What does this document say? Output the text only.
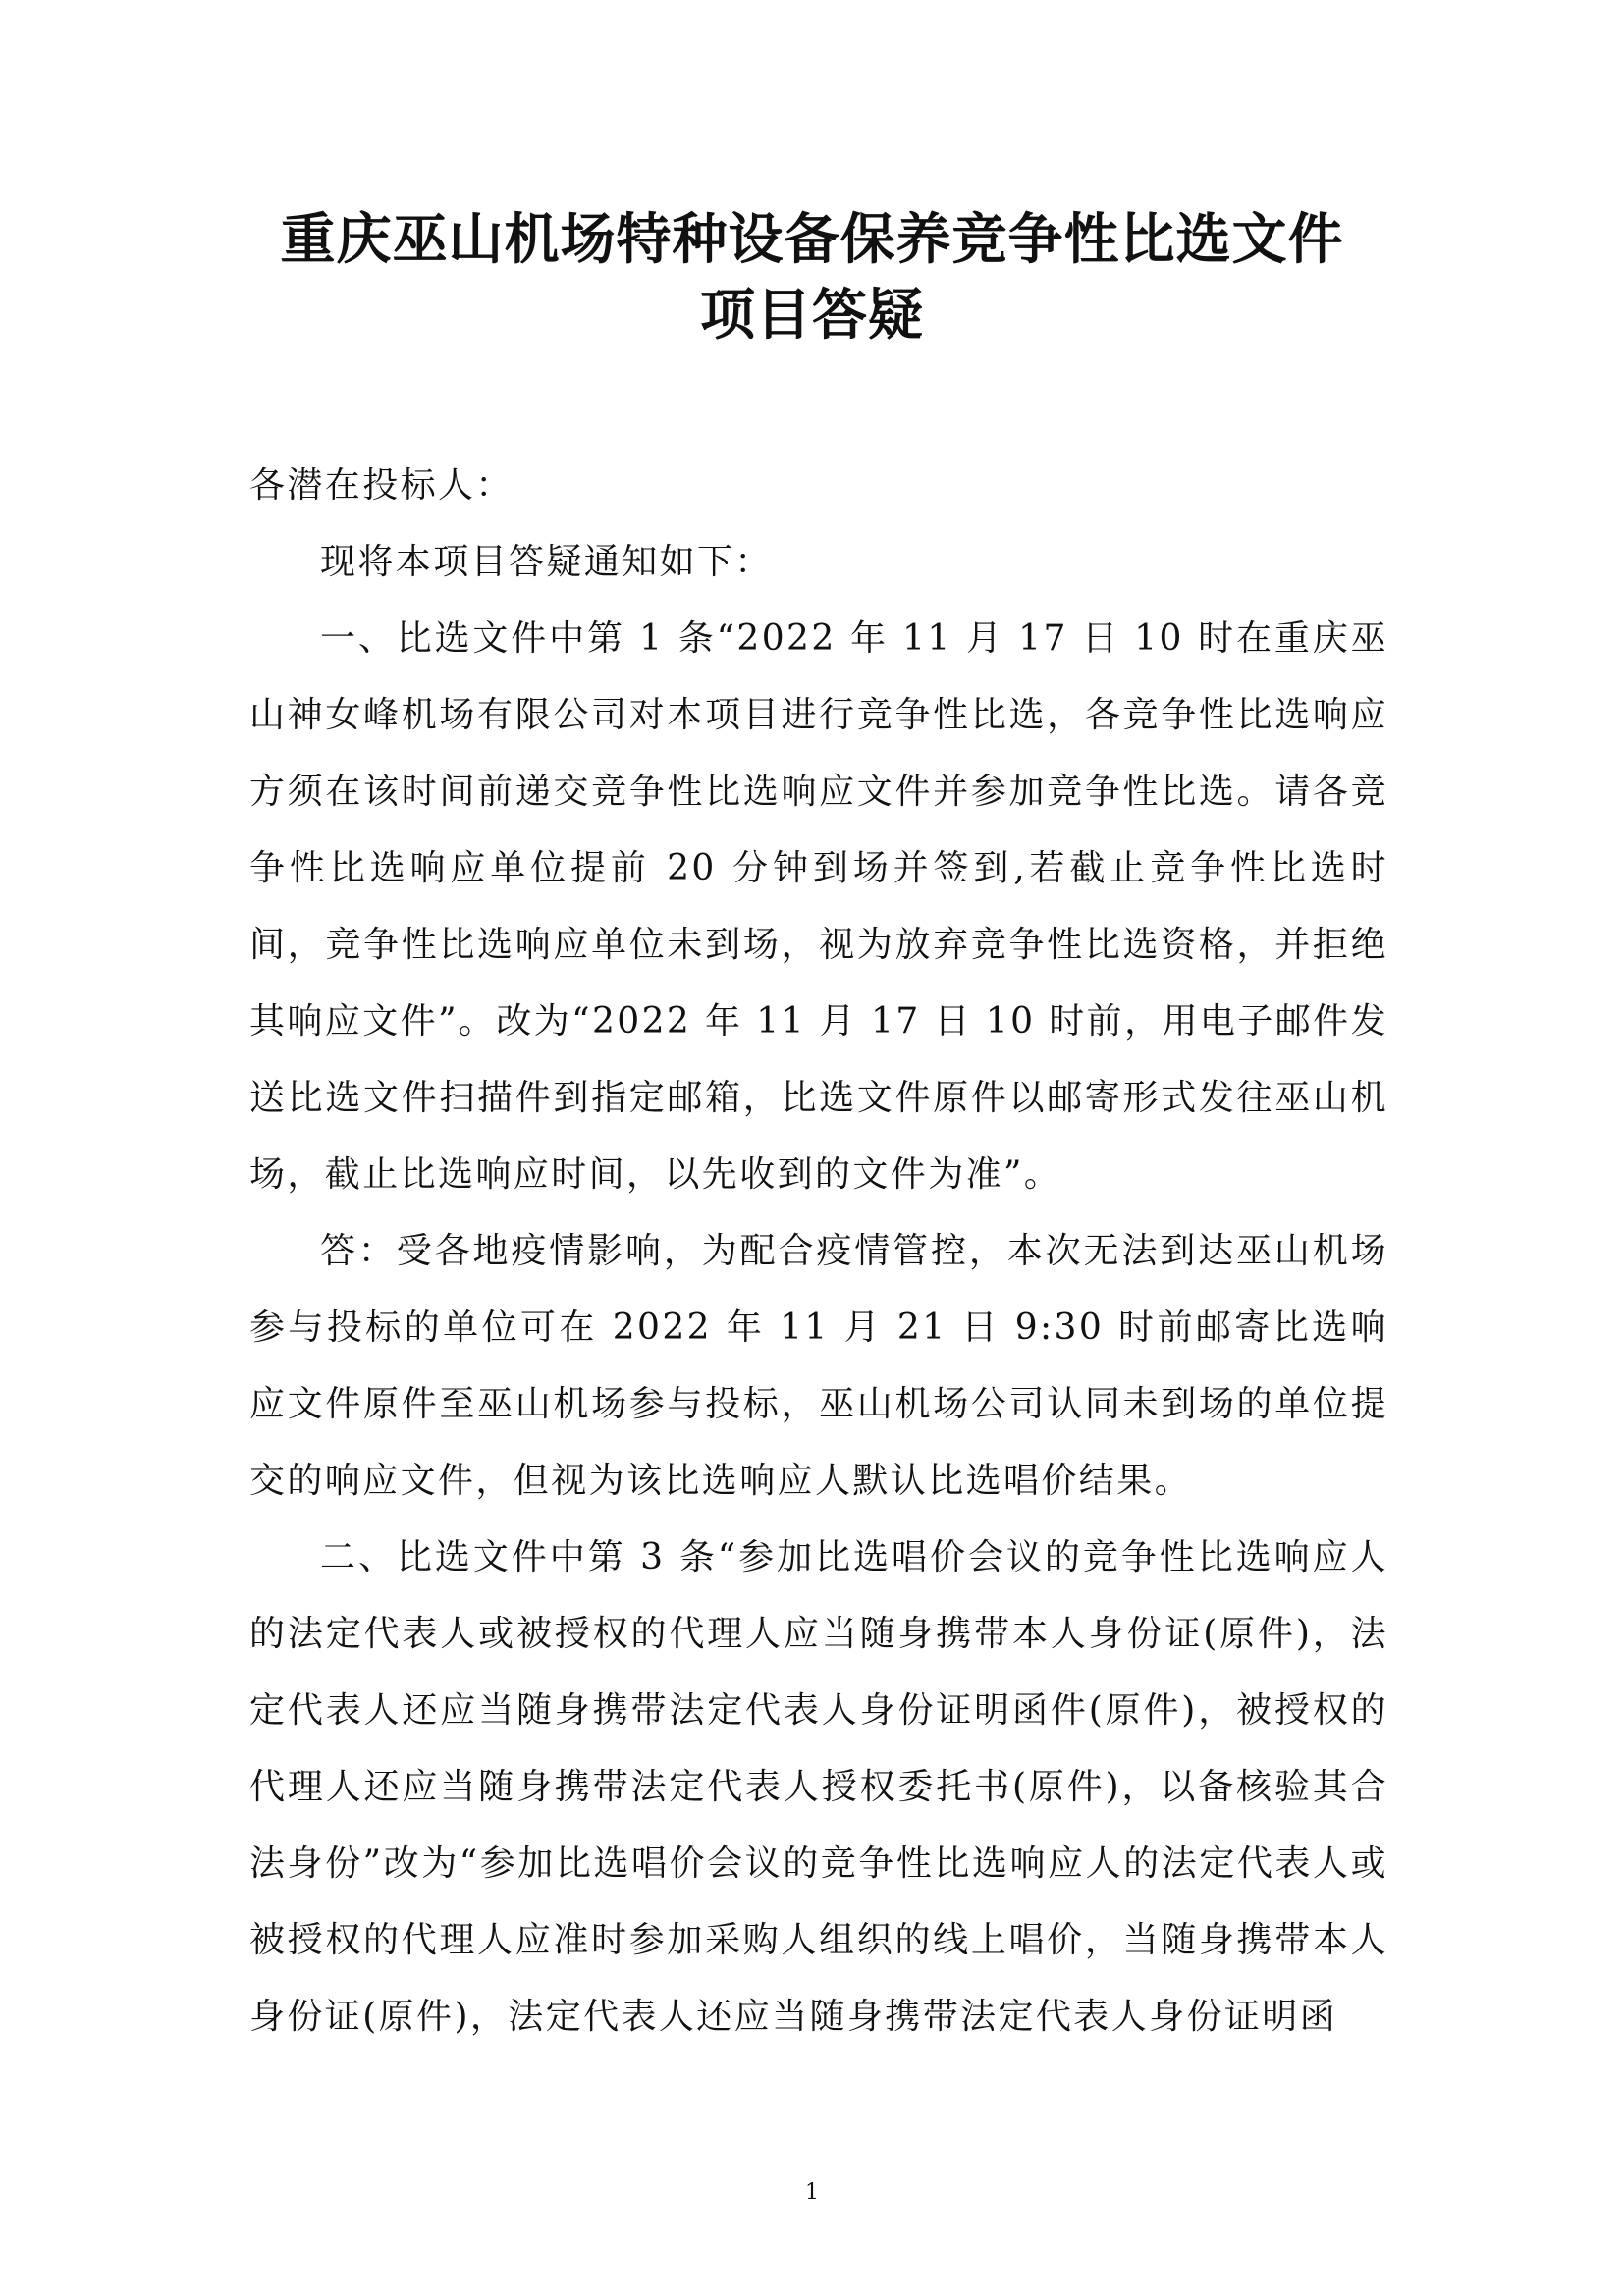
重庆巫山机场特种设备保养竞争性比选文件
项目答疑

各潜在投标人：

现将本项目答疑通知如下：

一、比选文件中第 1 条“2022 年 11 月 17 日 10 时在重庆巫山神女峰机场有限公司对本项目进行竞争性比选，各竞争性比选响应方须在该时间前递交竞争性比选响应文件并参加竞争性比选。请各竞争性比选响应单位提前 20 分钟到场并签到,若截止竞争性比选时间，竞争性比选响应单位未到场，视为放弃竞争性比选资格，并拒绝其响应文件”。改为“2022 年 11 月 17 日 10 时前，用电子邮件发送比选文件扫描件到指定邮箱，比选文件原件以邮寄形式发往巫山机场，截止比选响应时间，以先收到的文件为准”。

答：受各地疫情影响，为配合疫情管控，本次无法到达巫山机场参与投标的单位可在 2022 年 11 月 21 日 9:30 时前邮寄比选响应文件原件至巫山机场参与投标，巫山机场公司认同未到场的单位提交的响应文件，但视为该比选响应人默认比选唱价结果。

二、比选文件中第 3 条“参加比选唱价会议的竞争性比选响应人的法定代表人或被授权的代理人应当随身携带本人身份证(原件)，法定代表人还应当随身携带法定代表人身份证明函件(原件)，被授权的代理人还应当随身携带法定代表人授权委托书(原件)，以备核验其合法身份”改为“参加比选唱价会议的竞争性比选响应人的法定代表人或被授权的代理人应准时参加采购人组织的线上唱价，当随身携带本人身份证(原件)，法定代表人还应当随身携带法定代表人身份证明函

1
